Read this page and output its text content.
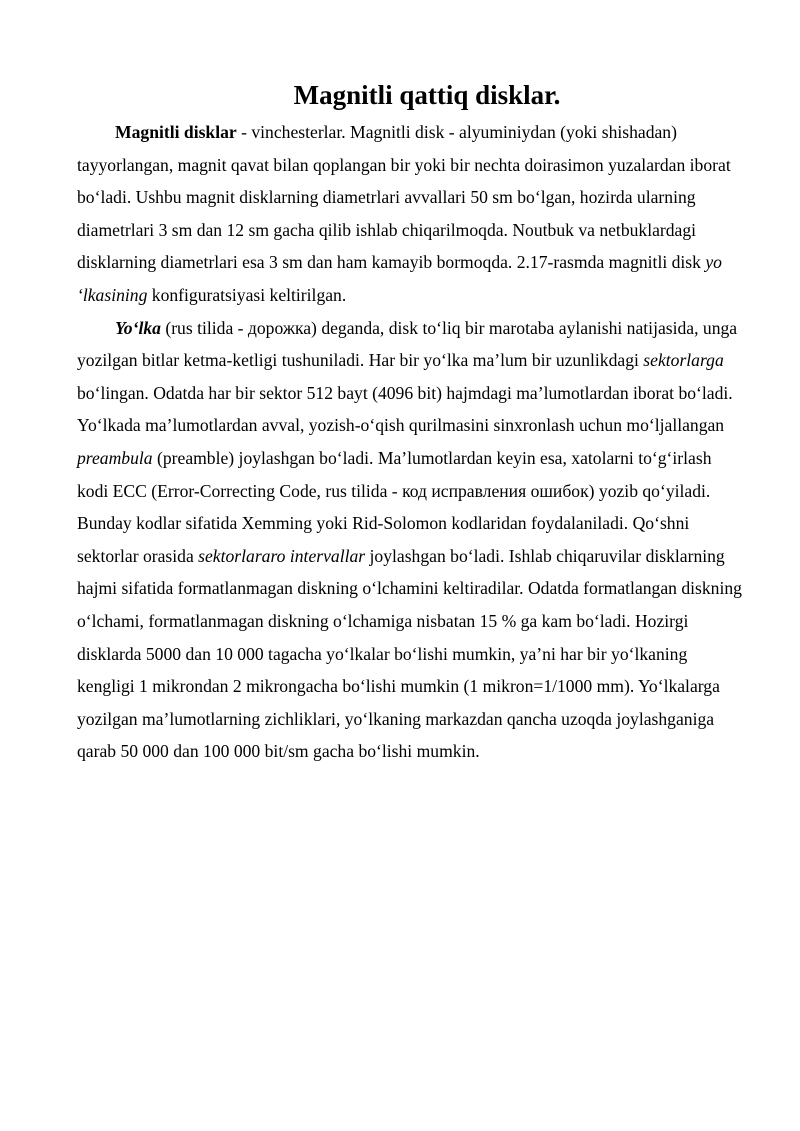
Magnitli qattiq disklar.

Magnitli disklar - vinchesterlar. Magnitli disk - alyuminiydan (yoki shishadan) tayyorlangan, magnit qavat bilan qoplangan bir yoki bir nechta doirasimon yuzalardan iborat bo‘ladi. Ushbu magnit disklarning diametrlari avvallari 50 sm bo‘lgan, hozirda ularning diametrlari 3 sm dan 12 sm gacha qilib ishlab chiqarilmoqda. Noutbuk va netbuklardagi disklarning diametrlari esa 3 sm dan ham kamayib bormoqda. 2.17-rasmda magnitli disk yo ‘lkasining konfiguratsiyasi keltirilgan.

Yo‘lka (rus tilida - дорожка) deganda, disk to‘liq bir marotaba aylanishi natijasida, unga yozilgan bitlar ketma-ketligi tushuniladi. Har bir yo‘lka ma’lum bir uzunlikdagi sektorlarga bo‘lingan. Odatda har bir sektor 512 bayt (4096 bit) hajmdagi ma’lumotlardan iborat bo‘ladi. Yo‘lkada ma’lumotlardan avval, yozish-o‘qish qurilmasini sinxronlash uchun mo‘ljallangan preambula (preamble) joylashgan bo‘ladi. Ma’lumotlardan keyin esa, xatolarni to‘g‘irlash kodi ECC (Error-Correcting Code, rus tilida - код исправления ошибок) yozib qo‘yiladi. Bunday kodlar sifatida Xemming yoki Rid-Solomon kodlaridan foydalaniladi. Qo‘shni sektorlar orasida sektorlararo intervallar joylashgan bo‘ladi. Ishlab chiqaruvilar disklarning hajmi sifatida formatlanmagan diskning o‘lchamini keltiradilar. Odatda formatlangan diskning o‘lchami, formatlanmagan diskning o‘lchamiga nisbatan 15 % ga kam bo‘ladi. Hozirgi disklarda 5000 dan 10 000 tagacha yo‘lkalar bo‘lishi mumkin, ya’ni har bir yo‘lkaning kengligi 1 mikrondan 2 mikrongacha bo‘lishi mumkin (1 mikron=1/1000 mm). Yo‘lkalarga yozilgan ma’lumotlarning zichliklari, yo‘lkaning markazdan qancha uzoqda joylashganiga qarab 50 000 dan 100 000 bit/sm gacha bo‘lishi mumkin.
